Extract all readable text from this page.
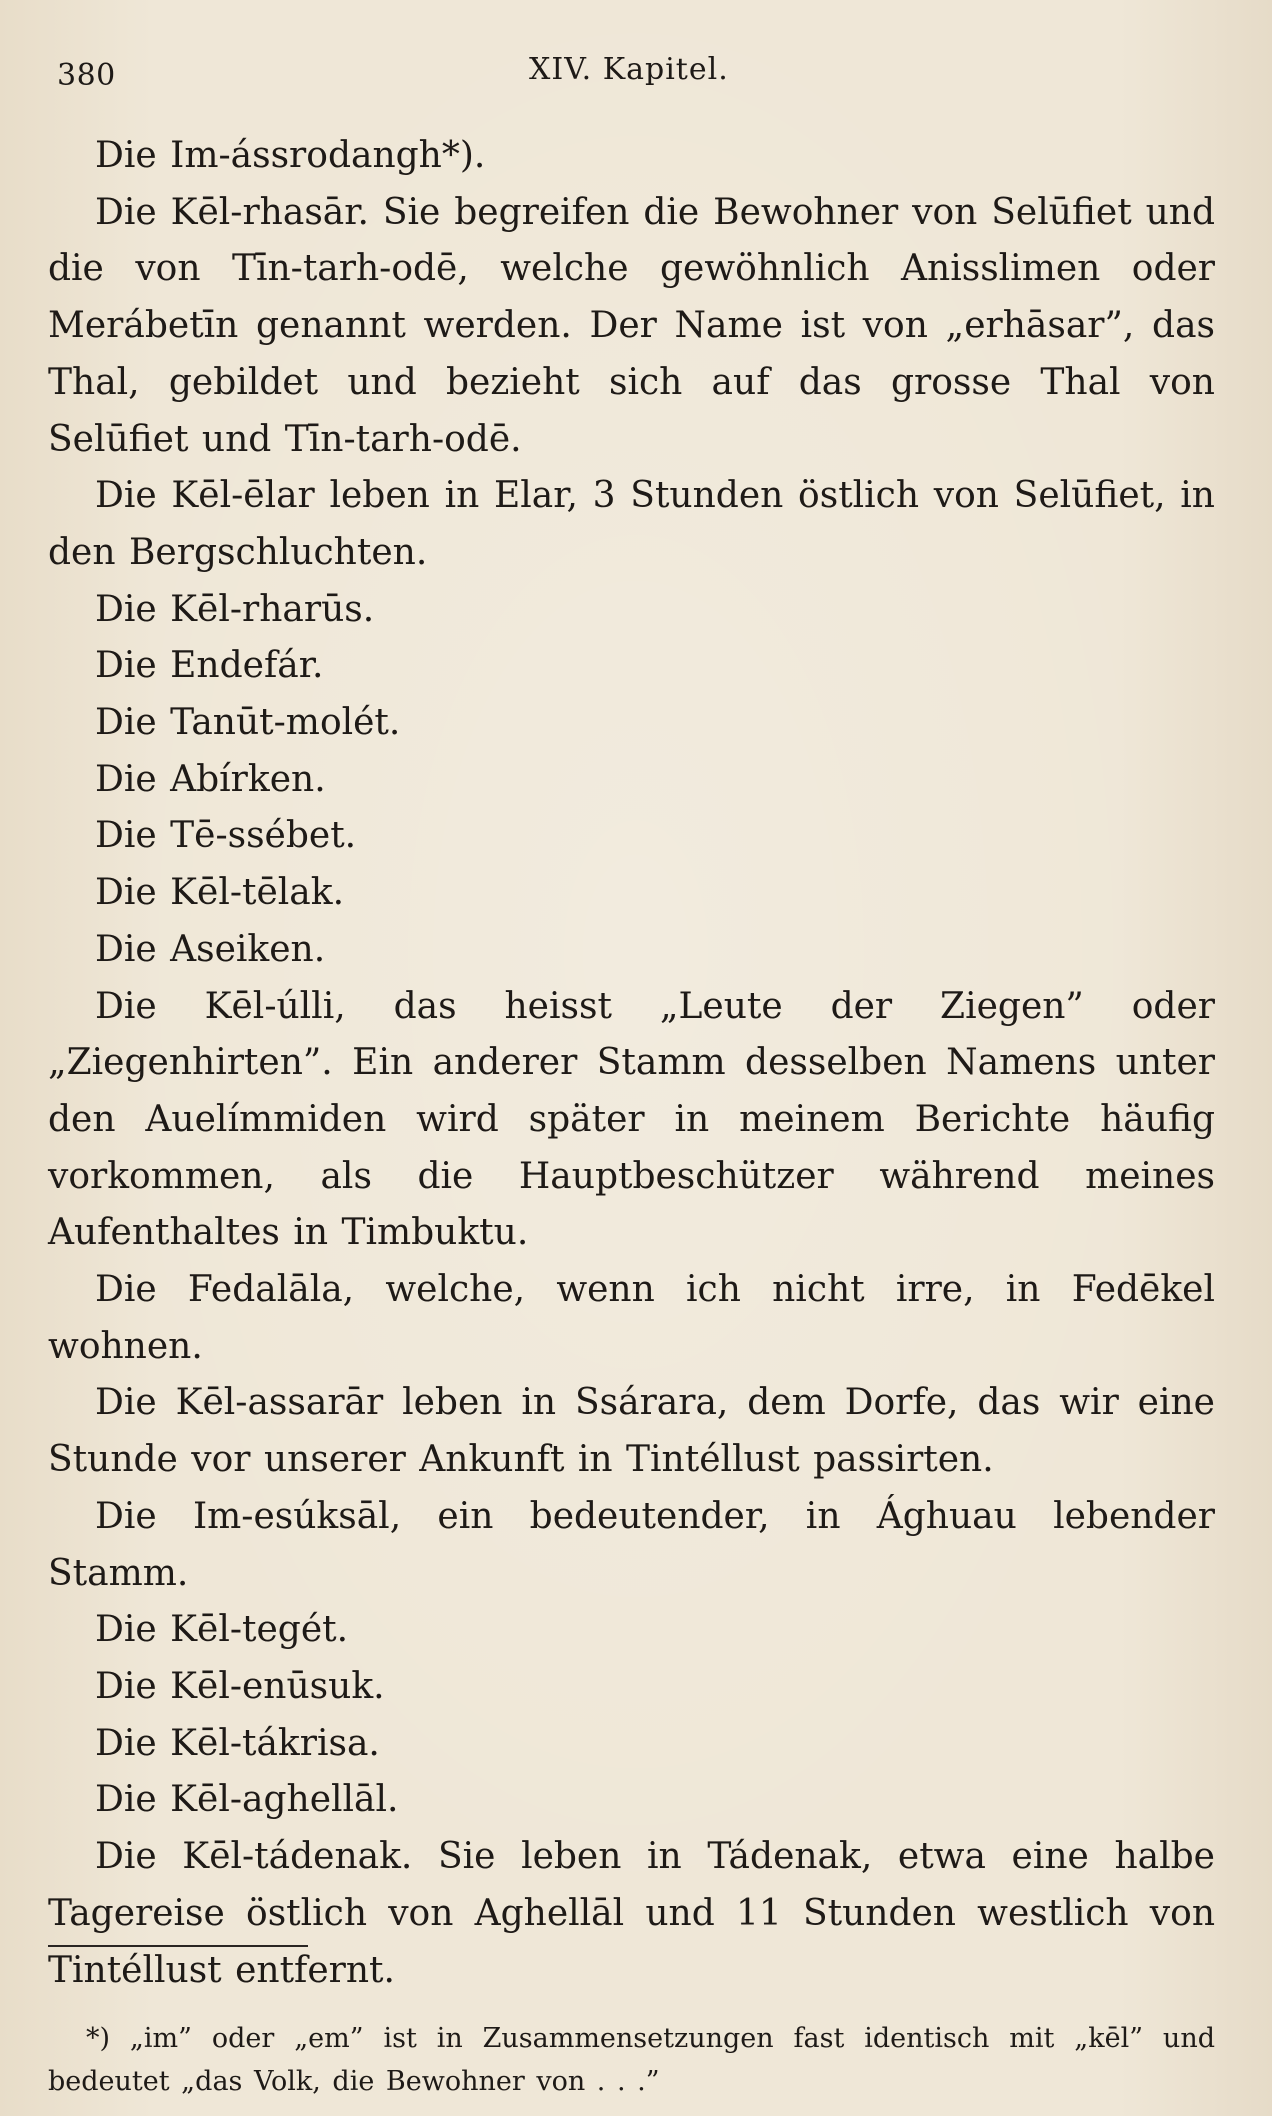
380	XIV. Kapitel.

Die Im-ássrodangh*).

Die Kēl-rhasār. Sie begreifen die Bewohner von Selūfiet und die von Tīn-tarh-odē, welche gewöhnlich Anisslimen oder Merábetīn genannt werden. Der Name ist von „erhāsar”, das Thal, gebildet und bezieht sich auf das grosse Thal von Selūfiet und Tīn-tarh-odē.

Die Kēl-ēlar leben in Elar, 3 Stunden östlich von Selūfiet, in den Bergschluchten.

Die Kēl-rharūs.

Die Endefár.

Die Tanūt-molét.

Die Abírken.

Die Tē-ssébet.

Die Kēl-tēlak.

Die Aseiken.

Die Kēl-úlli, das heisst „Leute der Ziegen” oder „Ziegenhirten”. Ein anderer Stamm desselben Namens unter den Auelímmiden wird später in meinem Berichte häufig vorkommen, als die Hauptbeschützer während meines Aufenthaltes in Timbuktu.

Die Fedalāla, welche, wenn ich nicht irre, in Fedēkel wohnen.

Die Kēl-assarār leben in Ssárara, dem Dorfe, das wir eine Stunde vor unserer Ankunft in Tintéllust passirten.

Die Im-esúksāl, ein bedeutender, in Ághuau lebender Stamm.

Die Kēl-tegét.

Die Kēl-enūsuk.

Die Kēl-tákrisa.

Die Kēl-aghellāl.

Die Kēl-tádenak. Sie leben in Tádenak, etwa eine halbe Tagereise östlich von Aghellāl und 11 Stunden westlich von Tintéllust entfernt.

*) „im” oder „em” ist in Zusammensetzungen fast identisch mit „kēl” und bedeutet „das Volk, die Bewohner von . . .”
